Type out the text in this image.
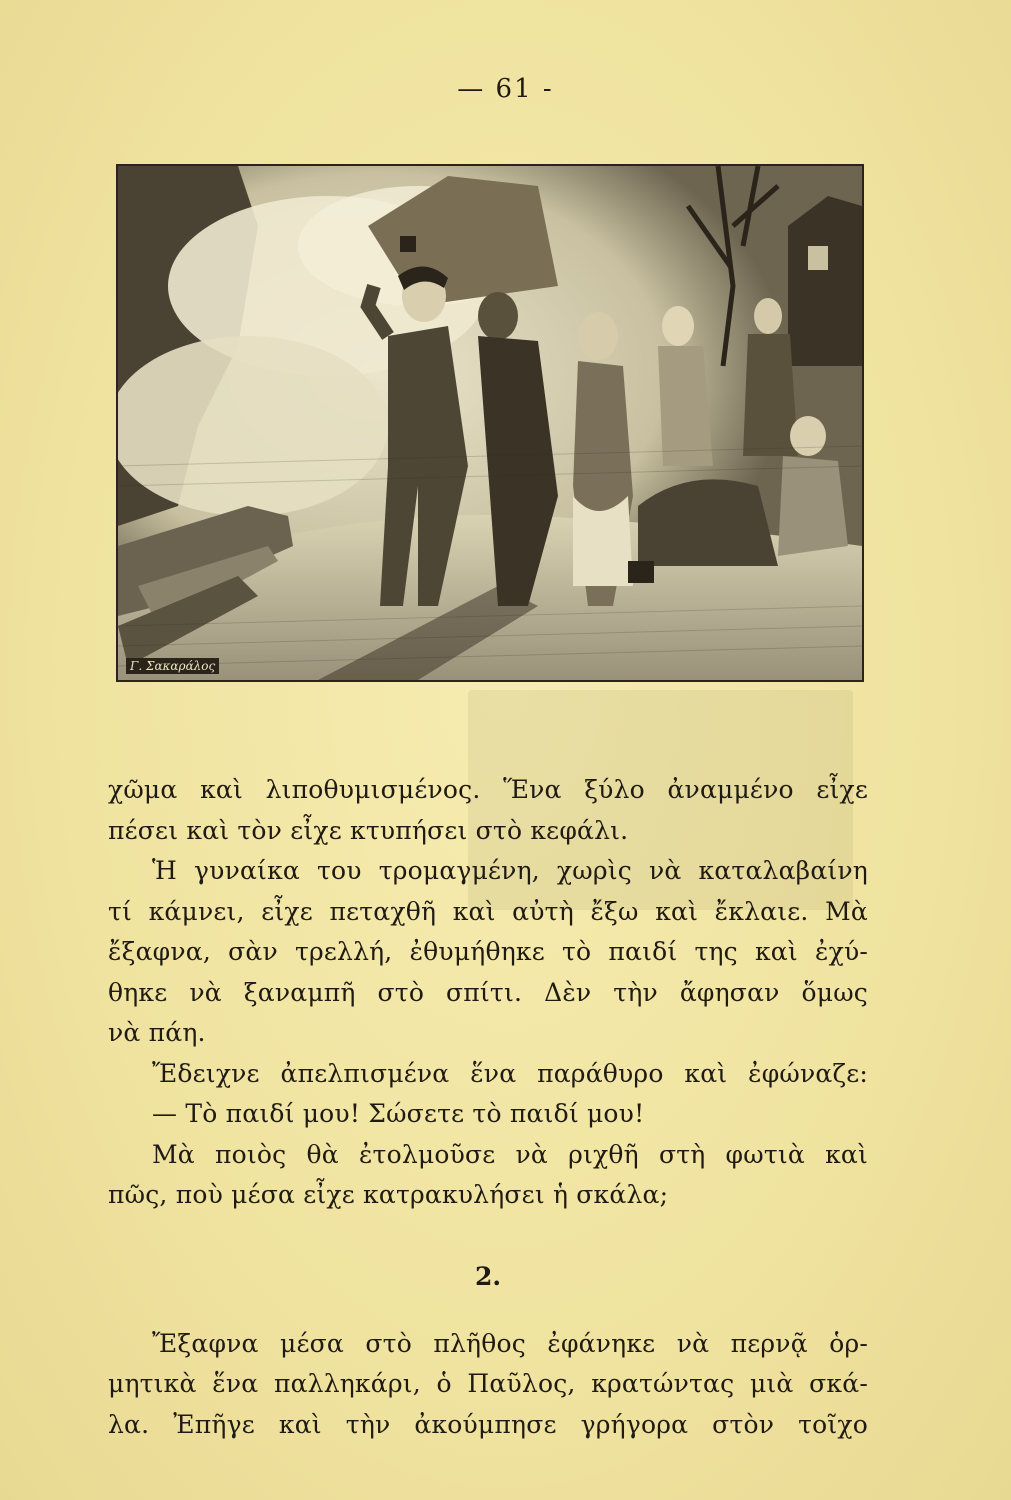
— 61 -
Γ. Σακαράλος
χῶμα καὶ λιποθυμισμένος. Ἕνα ξύλο ἀναμμένο εἶχε
πέσει καὶ τὸν εἶχε κτυπήσει στὸ κεφάλι.
Ἡ γυναίκα του τρομαγμένη, χωρὶς νὰ καταλαβαίνη
τί κάμνει, εἶχε πεταχθῆ καὶ αὐτὴ ἔξω καὶ ἔκλαιε. Μὰ
ἔξαφνα, σὰν τρελλή, ἐθυμήθηκε τὸ παιδί της καὶ ἐχύ-
θηκε νὰ ξαναμπῆ στὸ σπίτι. Δὲν τὴν ἄφησαν ὅμως
νὰ πάη.
Ἔδειχνε ἀπελπισμένα ἕνα παράθυρο καὶ ἐφώναζε:
— Τὸ παιδί μου! Σώσετε τὸ παιδί μου!
Μὰ ποιὸς θὰ ἐτολμοῦσε νὰ ριχθῆ στὴ φωτιὰ καὶ
πῶς, ποὺ μέσα εἶχε κατρακυλήσει ἡ σκάλα;
2.
Ἔξαφνα μέσα στὸ πλῆθος ἐφάνηκε νὰ περνᾷ ὁρ-
μητικὰ ἕνα παλληκάρι, ὁ Παῦλος, κρατώντας μιὰ σκά-
λα. Ἐπῆγε καὶ τὴν ἀκούμπησε γρήγορα στὸν τοῖχο
